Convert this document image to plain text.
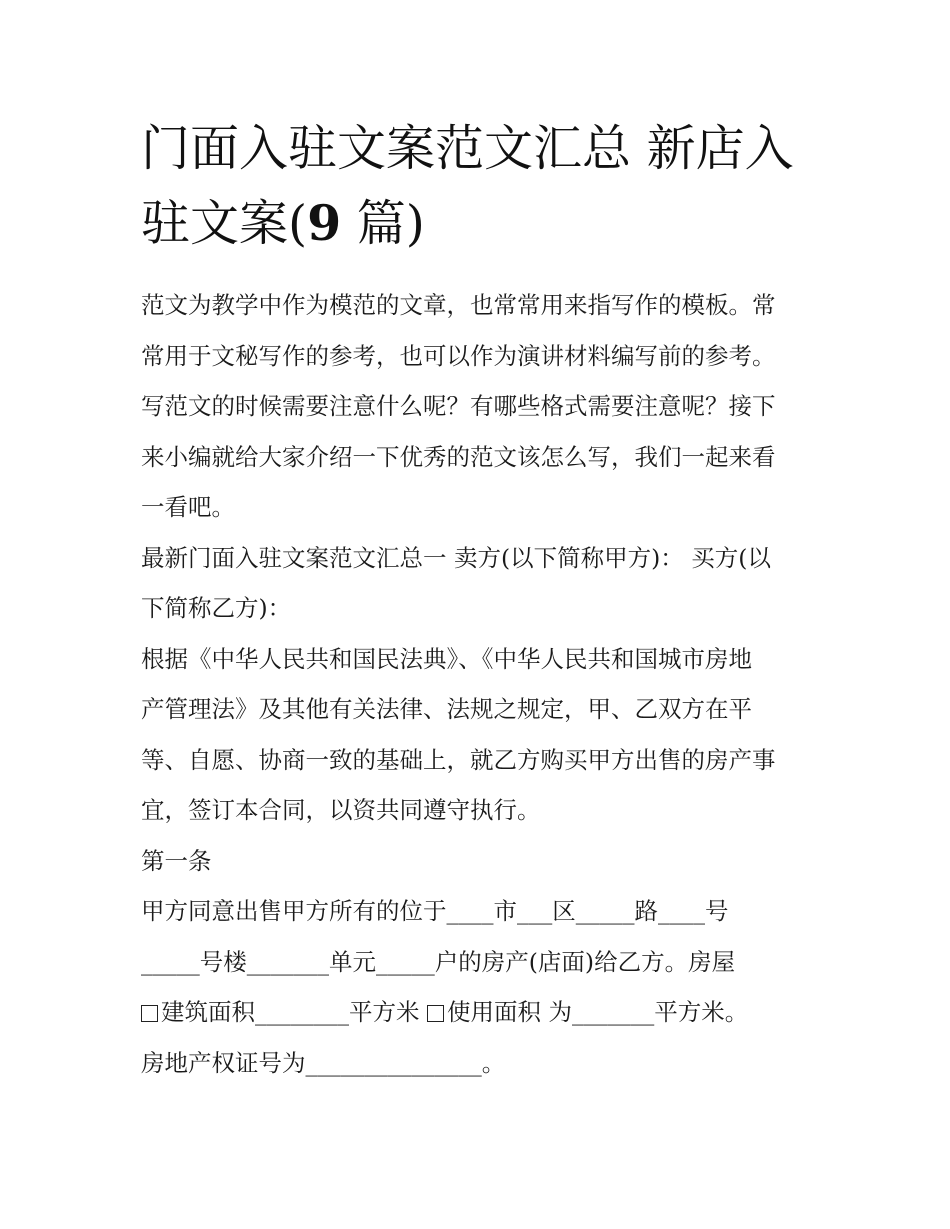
门面入驻文案范文汇总 新店入
驻文案(9 篇)
范文为教学中作为模范的文章，也常常用来指写作的模板。常
常用于文秘写作的参考，也可以作为演讲材料编写前的参考。
写范文的时候需要注意什么呢？有哪些格式需要注意呢？接下
来小编就给大家介绍一下优秀的范文该怎么写，我们一起来看
一看吧。
最新门面入驻文案范文汇总一 卖方(以下简称甲方)： 买方(以
下简称乙方)：
根据《中华人民共和国民法典》、《中华人民共和国城市房地
产管理法》及其他有关法律、法规之规定，甲、乙双方在平
等、自愿、协商一致的基础上，就乙方购买甲方出售的房产事
宜，签订本合同，以资共同遵守执行。
第一条
甲方同意出售甲方所有的位于____市___区_____路____号
_____号楼_______单元_____户的房产(店面)给乙方。房屋
建筑面积________平方米 使用面积 为_______平方米。
房地产权证号为_______________。
